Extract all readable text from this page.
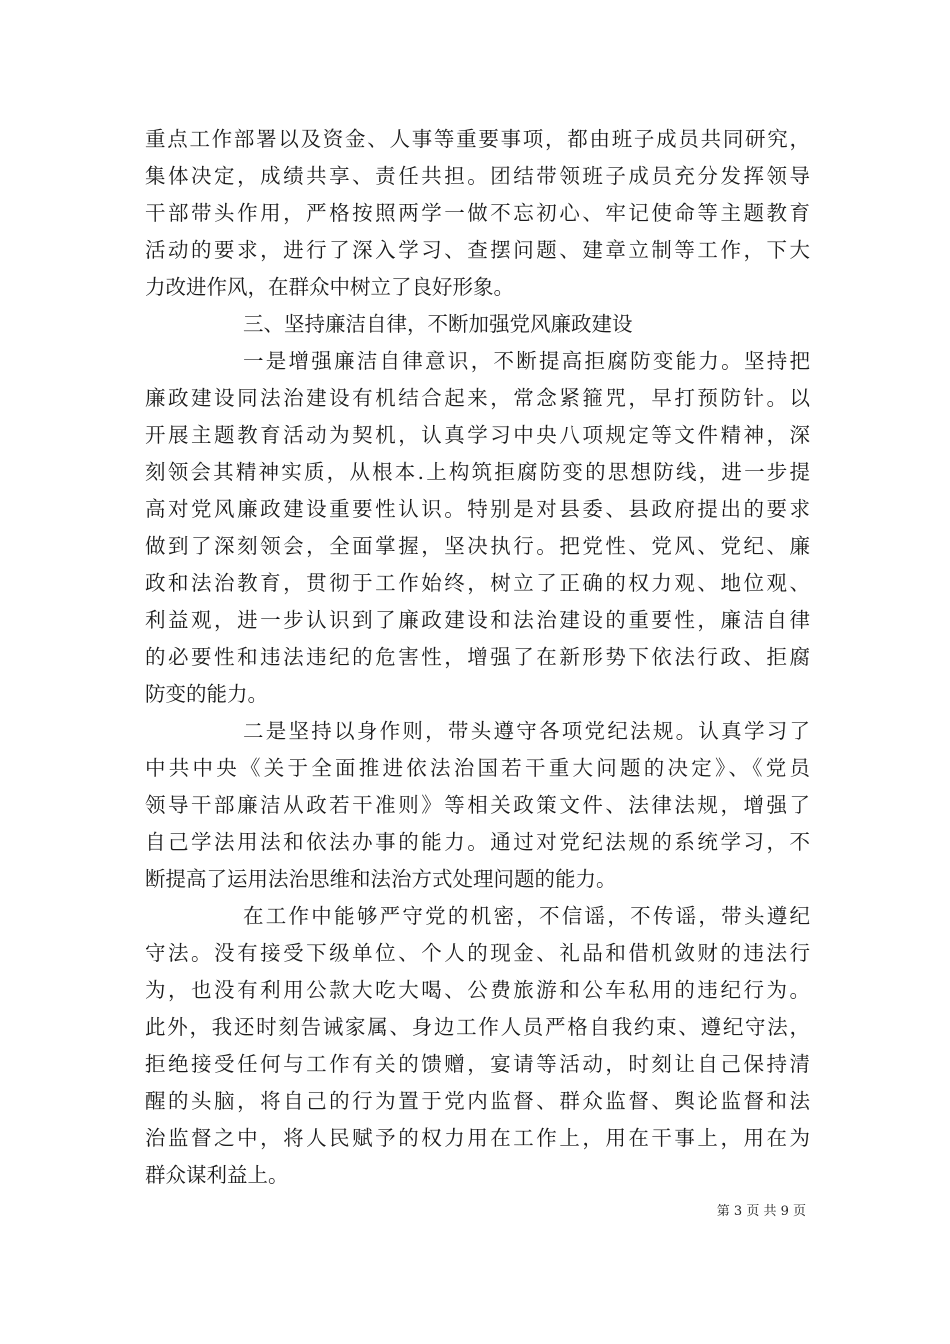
重点工作部署以及资金、人事等重要事项，都由班子成员共同研究，
集体决定，成绩共享、责任共担。团结带领班子成员充分发挥领导
干部带头作用，严格按照两学一做不忘初心、牢记使命等主题教育
活动的要求，进行了深入学习、查摆问题、建章立制等工作，下大
力改进作风，在群众中树立了良好形象。
三、坚持廉洁自律，不断加强党风廉政建设
一是增强廉洁自律意识，不断提高拒腐防变能力。坚持把
廉政建设同法治建设有机结合起来，常念紧箍咒，早打预防针。以
开展主题教育活动为契机，认真学习中央八项规定等文件精神，深
刻领会其精神实质，从根本.上构筑拒腐防变的思想防线，进一步提
高对党风廉政建设重要性认识。特别是对县委、县政府提出的要求
做到了深刻领会，全面掌握，坚决执行。把党性、党风、党纪、廉
政和法治教育，贯彻于工作始终，树立了正确的权力观、地位观、
利益观，进一步认识到了廉政建设和法治建设的重要性，廉洁自律
的必要性和违法违纪的危害性，增强了在新形势下依法行政、拒腐
防变的能力。
二是坚持以身作则，带头遵守各项党纪法规。认真学习了
中共中央《关于全面推进依法治国若干重大问题的决定》、《党员
领导干部廉洁从政若干准则》等相关政策文件、法律法规，增强了
自己学法用法和依法办事的能力。通过对党纪法规的系统学习，不
断提高了运用法治思维和法治方式处理问题的能力。
在工作中能够严守党的机密，不信谣，不传谣，带头遵纪
守法。没有接受下级单位、个人的现金、礼品和借机敛财的违法行
为，也没有利用公款大吃大喝、公费旅游和公车私用的违纪行为。
此外，我还时刻告诫家属、身边工作人员严格自我约束、遵纪守法，
拒绝接受任何与工作有关的馈赠，宴请等活动，时刻让自己保持清
醒的头脑，将自己的行为置于党内监督、群众监督、舆论监督和法
治监督之中，将人民赋予的权力用在工作上，用在干事上，用在为
群众谋利益上。
第 3 页 共 9 页
